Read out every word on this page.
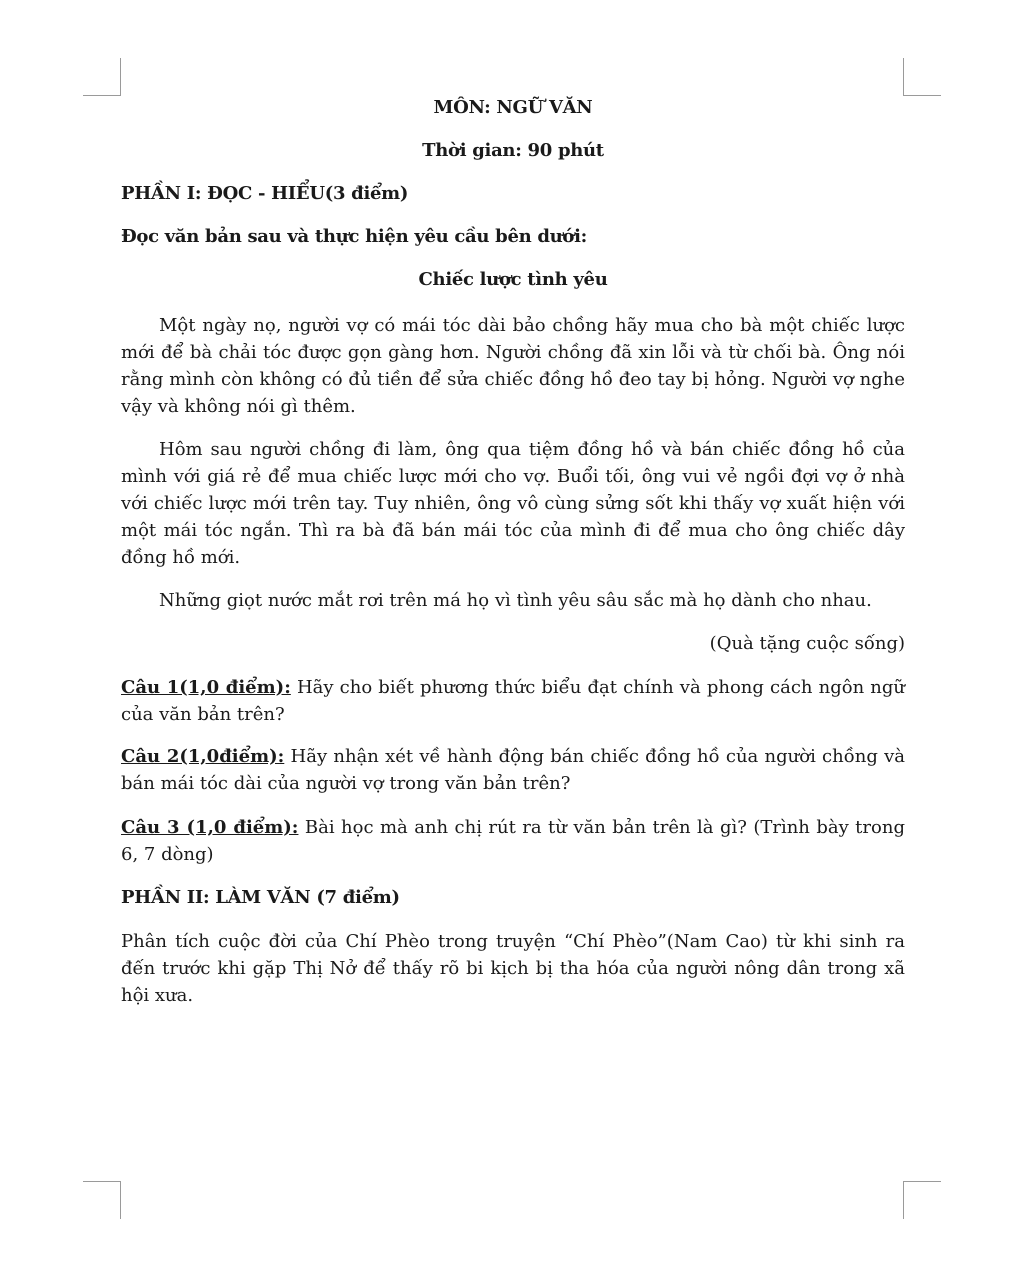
MÔN: NGỮ VĂN
Thời gian: 90 phút
PHẦN I: ĐỌC - HIỂU(3 điểm)
Đọc văn bản sau và thực hiện yêu cầu bên dưới:
Chiếc lược tình yêu
Một ngày nọ, người vợ có mái tóc dài bảo chồng hãy mua cho bà một chiếc lược mới để bà chải tóc được gọn gàng hơn. Người chồng đã xin lỗi và từ chối bà. Ông nói rằng mình còn không có đủ tiền để sửa chiếc đồng hồ đeo tay bị hỏng. Người vợ nghe vậy và không nói gì thêm.
Hôm sau người chồng đi làm, ông qua tiệm đồng hồ và bán chiếc đồng hồ của mình với giá rẻ để mua chiếc lược mới cho vợ. Buổi tối, ông vui vẻ ngồi đợi vợ ở nhà với chiếc lược mới trên tay. Tuy nhiên, ông vô cùng sửng sốt khi thấy vợ xuất hiện với một mái tóc ngắn. Thì ra bà đã bán mái tóc của mình đi để mua cho ông chiếc dây đồng hồ mới.
Những giọt nước mắt rơi trên má họ vì tình yêu sâu sắc mà họ dành cho nhau.
(Quà tặng cuộc sống)
Câu 1(1,0 điểm): Hãy cho biết phương thức biểu đạt chính và phong cách ngôn ngữ của văn bản trên?
Câu 2(1,0điểm): Hãy nhận xét về hành động bán chiếc đồng hồ của người chồng và bán mái tóc dài của người vợ trong văn bản trên?
Câu 3 (1,0 điểm): Bài học mà anh chị rút ra từ văn bản trên là gì? (Trình bày trong 6, 7 dòng)
PHẦN II: LÀM VĂN (7 điểm)
Phân tích cuộc đời của Chí Phèo trong truyện “Chí Phèo”(Nam Cao) từ khi sinh ra đến trước khi gặp Thị Nở để thấy rõ bi kịch bị tha hóa của người nông dân trong xã hội xưa.
